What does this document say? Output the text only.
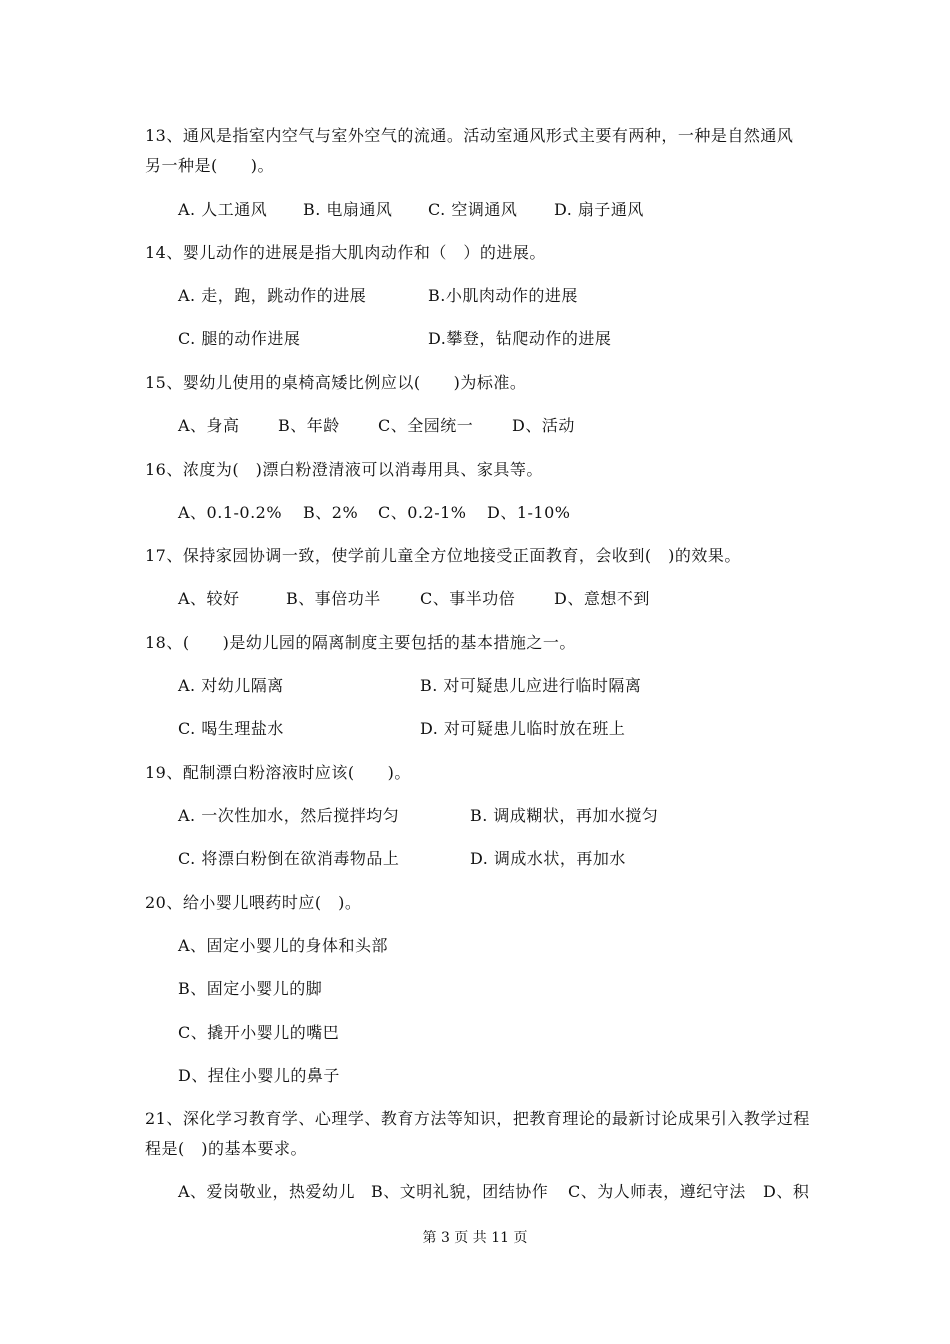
13、通风是指室内空气与室外空气的流通。活动室通风形式主要有两种，一种是自然通风
另一种是(　　)。
A. 人工通风 B. 电扇通风 C. 空调通风 D. 扇子通风
14、婴儿动作的进展是指大肌肉动作和（　）的进展。
A. 走，跑，跳动作的进展	B.小肌肉动作的进展
C. 腿的动作进展	D.攀登，钻爬动作的进展
15、婴幼儿使用的桌椅高矮比例应以(　　)为标准。
A、身高 B、年龄 C、全园统一 D、活动
16、浓度为(　)漂白粉澄清液可以消毒用具、家具等。
A、0.1-0.2% B、2% C、0.2-1% D、1-10%
17、保持家园协调一致，使学前儿童全方位地接受正面教育，会收到(　)的效果。
A、较好	B、事倍功半 C、事半功倍 D、意想不到
18、(　　)是幼儿园的隔离制度主要包括的基本措施之一。
A. 对幼儿隔离	B. 对可疑患儿应进行临时隔离
C. 喝生理盐水	D. 对可疑患儿临时放在班上
19、配制漂白粉溶液时应该(　　)。
A. 一次性加水，然后搅拌均匀	B. 调成糊状，再加水搅匀
C. 将漂白粉倒在欲消毒物品上	D. 调成水状，再加水
20、给小婴儿喂药时应(　)。
A、固定小婴儿的身体和头部
B、固定小婴儿的脚
C、撬开小婴儿的嘴巴
D、捏住小婴儿的鼻子
21、深化学习教育学、心理学、教育方法等知识，把教育理论的最新讨论成果引入教学过程
程是(　)的基本要求。
A、爱岗敬业，热爱幼儿 B、文明礼貌，团结协作 C、为人师表，遵纪守法 D、积
第 3 页 共 11 页
